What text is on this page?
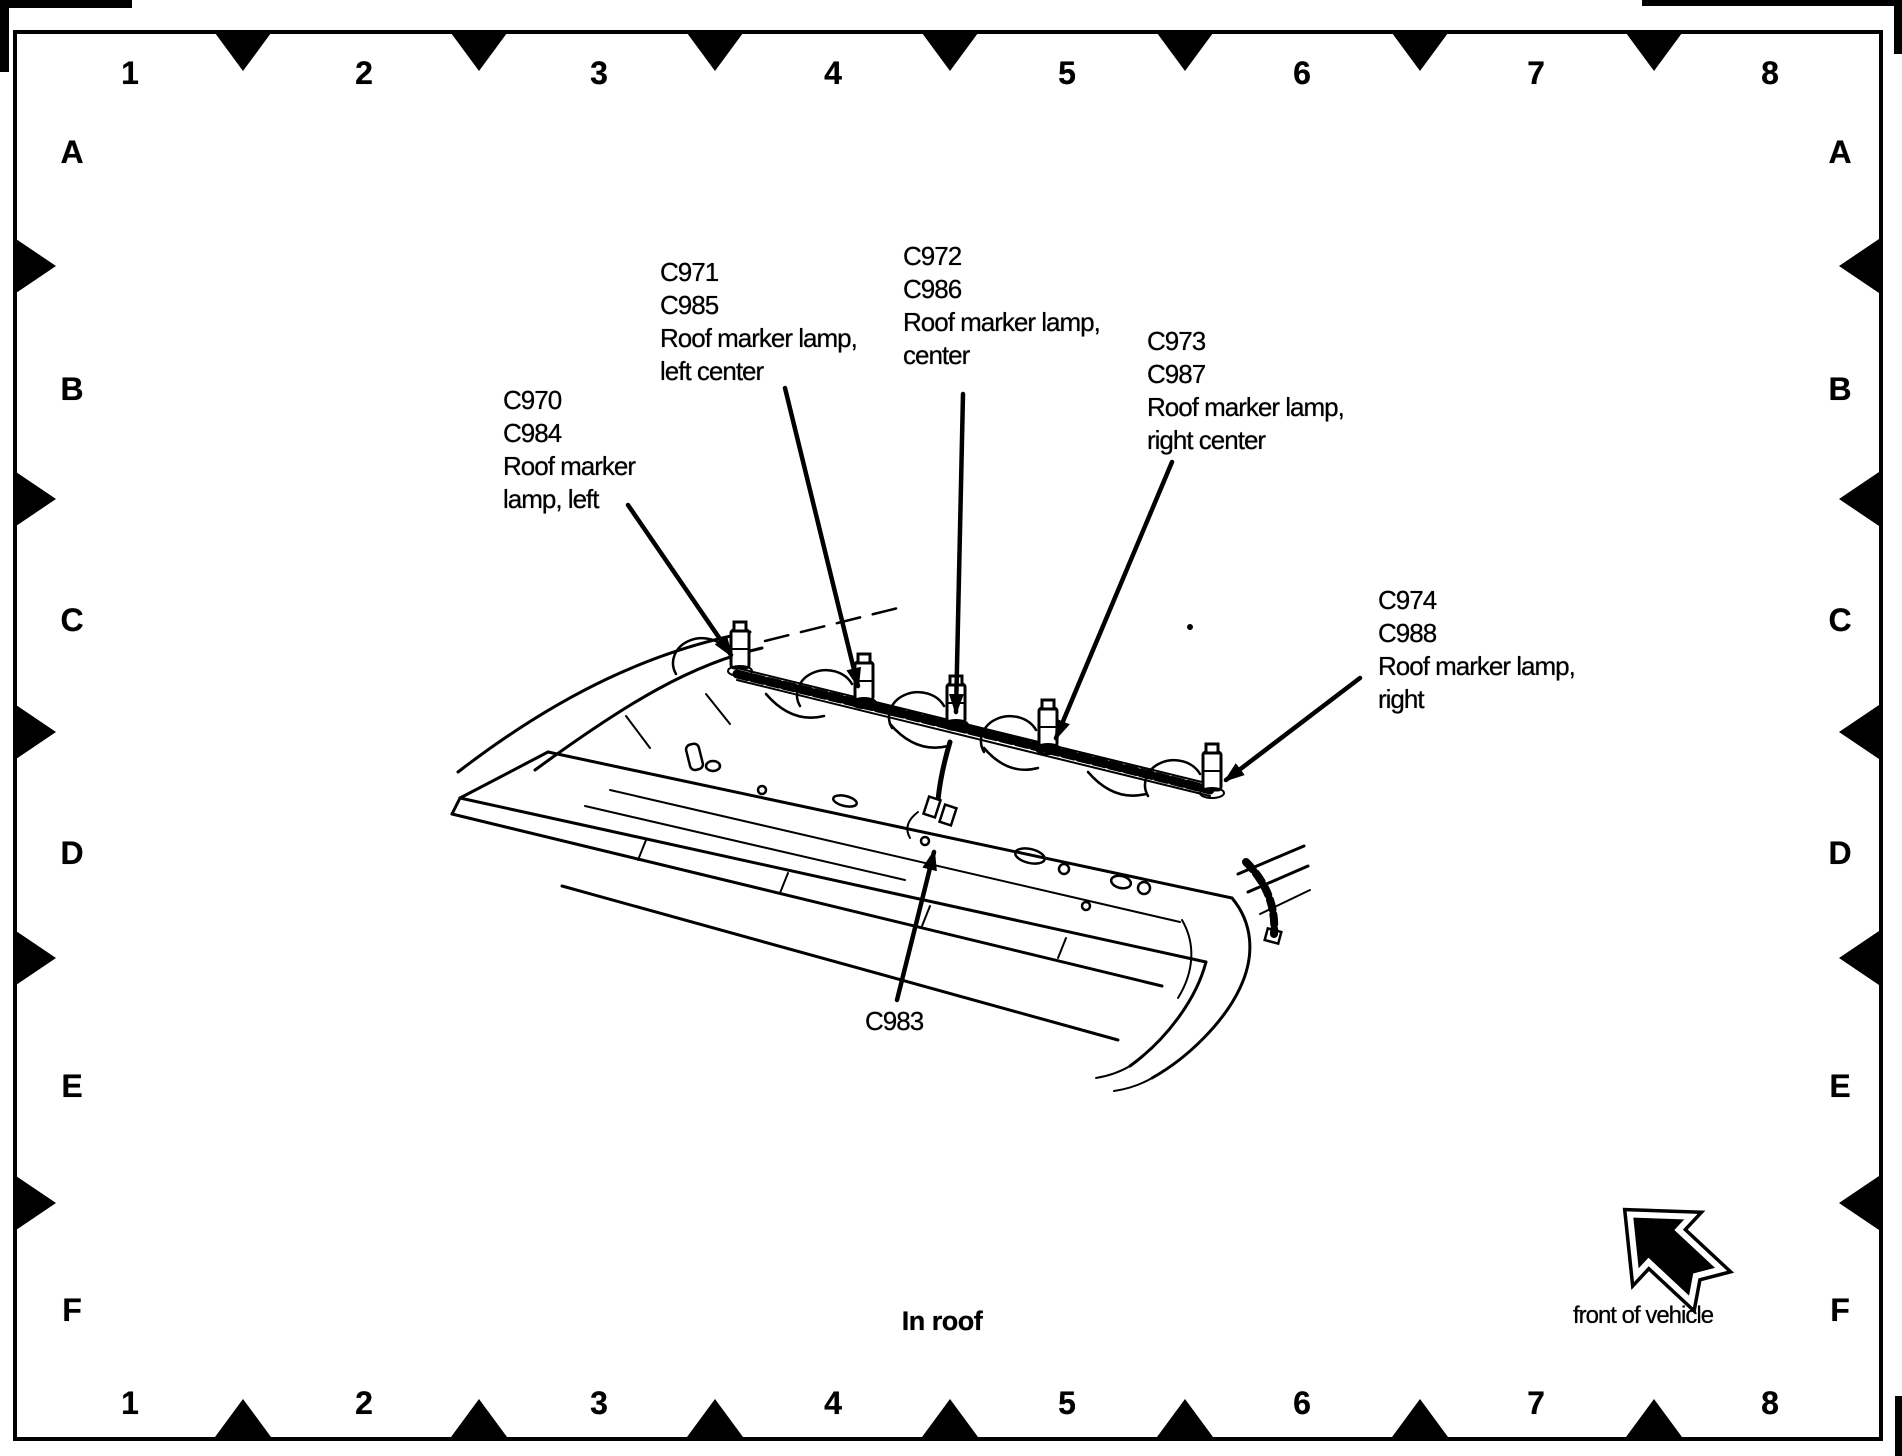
1	2	3	4	5	6	7	8
1	2	3	4	5	6	7	8
A
B
C
D
E
F
A
B
C
D
E
F
C970
C984
Roof marker
lamp, left
C971
C985
Roof marker lamp,
left center
C972
C986
Roof marker lamp,
center	C973
C987
Roof marker lamp,
right center
C974
C988
Roof marker lamp,
right
C983
In roof	front of vehicle
